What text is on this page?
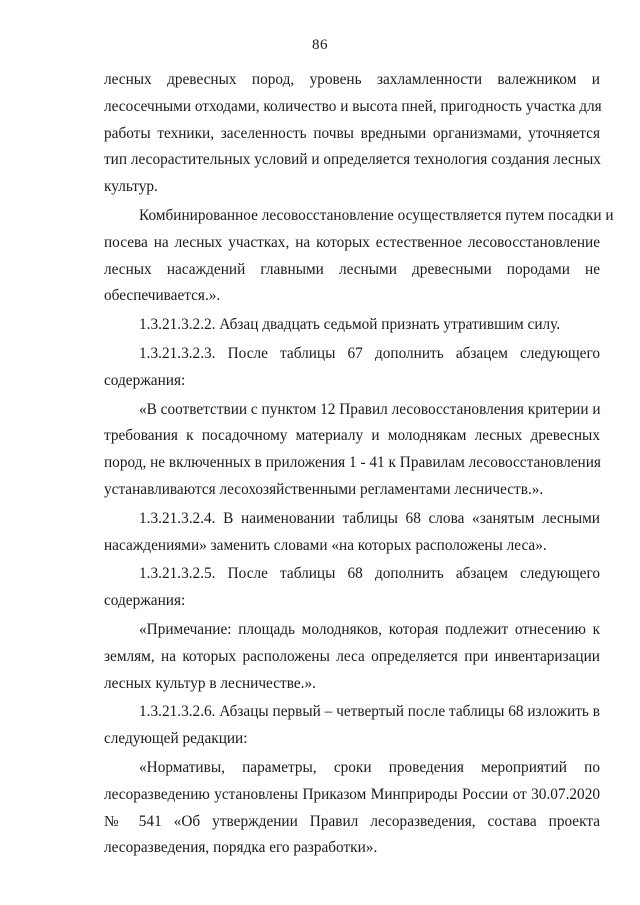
86
лесных древесных пород, уровень захламленности валежником и
лесосечными отходами, количество и высота пней, пригодность участка для
работы техники, заселенность почвы вредными организмами, уточняется
тип лесорастительных условий и определяется технология создания лесных
культур.
Комбинированное лесовосстановление осуществляется путем посадки и
посева на лесных участках, на которых естественное лесовосстановление
лесных насаждений главными лесными древесными породами не
обеспечивается.».
1.3.21.3.2.2. Абзац двадцать седьмой признать утратившим силу.
1.3.21.3.2.3. После таблицы 67 дополнить абзацем следующего
содержания:
«В соответствии с пунктом 12 Правил лесовосстановления критерии и
требования к посадочному материалу и молоднякам лесных древесных
пород, не включенных в приложения 1 - 41 к Правилам лесовосстановления
устанавливаются лесохозяйственными регламентами лесничеств.».
1.3.21.3.2.4. В наименовании таблицы 68 слова «занятым лесными
насаждениями» заменить словами «на которых расположены леса».
1.3.21.3.2.5. После таблицы 68 дополнить абзацем следующего
содержания:
«Примечание: площадь молодняков, которая подлежит отнесению к
землям, на которых расположены леса определяется при инвентаризации
лесных культур в лесничестве.».
1.3.21.3.2.6. Абзацы первый – четвертый после таблицы 68 изложить в
следующей редакции:
«Нормативы, параметры, сроки проведения мероприятий по
лесоразведению установлены Приказом Минприроды России от 30.07.2020
№ 541 «Об утверждении Правил лесоразведения, состава проекта
лесоразведения, порядка его разработки».
